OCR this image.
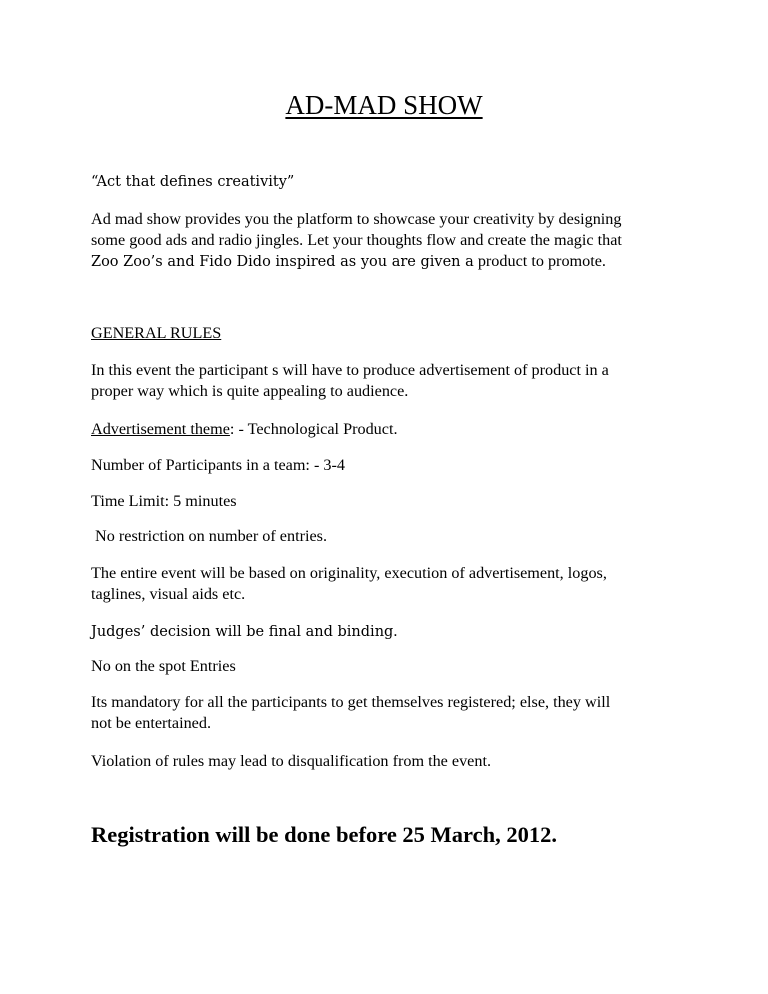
AD-MAD SHOW
“Act that defines creativity”
Ad mad show provides you the platform to showcase your creativity by designing
some good ads and radio jingles. Let your thoughts flow and create the magic that
Zoo Zoo’s and Fido Dido inspired as you are given a product to promote.
GENERAL RULES
In this event the participant s will have to produce advertisement of product in a
proper way which is quite appealing to audience.
Advertisement theme: - Technological Product.
Number of Participants in a team: - 3-4
Time Limit: 5 minutes
No restriction on number of entries.
The entire event will be based on originality, execution of advertisement, logos,
taglines, visual aids etc.
Judges’ decision will be final and binding.
No on the spot Entries
Its mandatory for all the participants to get themselves registered; else, they will
not be entertained.
Violation of rules may lead to disqualification from the event.
Registration will be done before 25 March, 2012.
